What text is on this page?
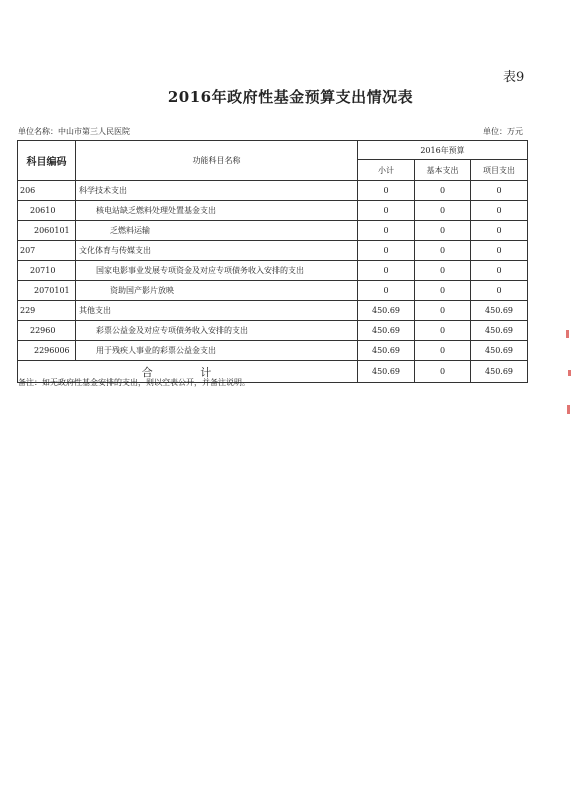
表9
2016年政府性基金预算支出情况表
单位名称：中山市第三人民医院	单位：万元
科目编码	功能科目名称	2016年预算		
		小计	基本支出	项目支出
206	科学技术支出	0	0	0
20610	核电站缺乏燃料处理处置基金支出	0	0	0
2060101	乏燃料运输	0	0	0
207	文化体育与传媒支出	0	0	0
20710	国家电影事业发展专项资金及对应专项债务收入安排的支出	0	0	0
2070101	资助国产影片放映	0	0	0
229	其他支出	450.69	0	450.69
22960	彩票公益金及对应专项债务收入安排的支出	450.69	0	450.69
2296006	用于残疾人事业的彩票公益金支出	450.69	0	450.69
合 计		450.69	0	450.69
备注：如无政府性基金安排的支出，则以空表公开，并备注说明。
